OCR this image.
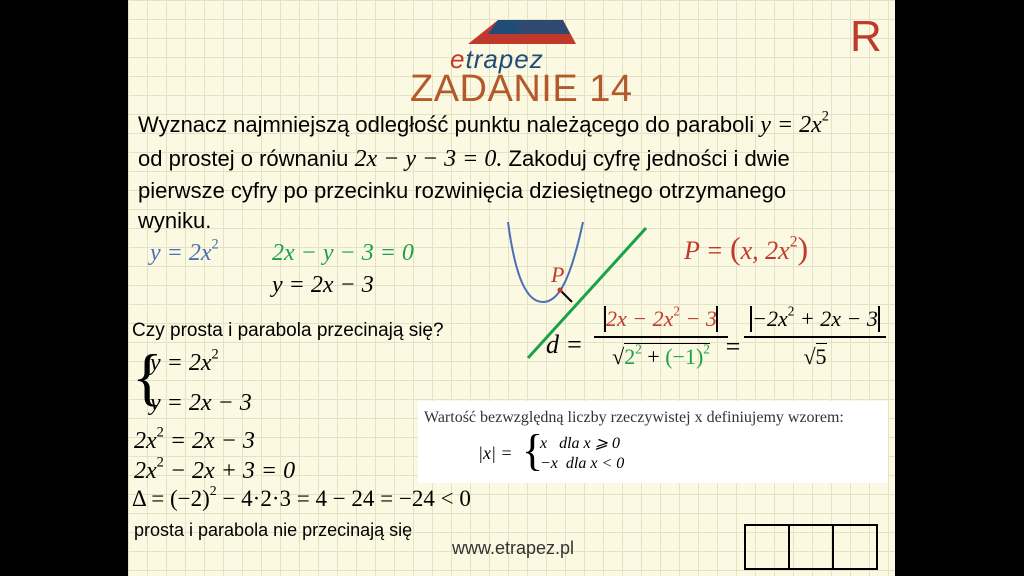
etrapez	R
ZADANIE 14
Wyznacz najmniejszą odległość punktu należącego do paraboli $y = 2x^2$
od prostej o równaniu 2x − y − 3 = 0. Zakoduj cyfrę jedności i dwie
pierwsze cyfry po przecinku rozwinięcia dziesiętnego otrzymanego
wyniku.
$y = 2x^2$ 2x − y − 3 = 0
y = 2x − 3	P
P = (x, $2x^2$)
d =
$2x - 2x^2 - 3$
$√2^2 + (-1)^2$ =
$-2x^2 + 2x - 3$
√5
Czy prosta i parabola przecinają się?
{
$y = 2x^2$
y = 2x − 3
$2x^2 = 2x - 3$
$2x^2 - 2x + 3 = 0$
$\Delta = (-2)^2 - 4\cdot 2\cdot 3 = 4 - 24 = -24 < 0$
prosta i parabola nie przecinają się
Wartość bezwzględną liczby rzeczywistej x definiujemy wzorem:
|x| = {
x   dla x ⩾ 0
−x  dla x < 0
www.etrapez.pl
